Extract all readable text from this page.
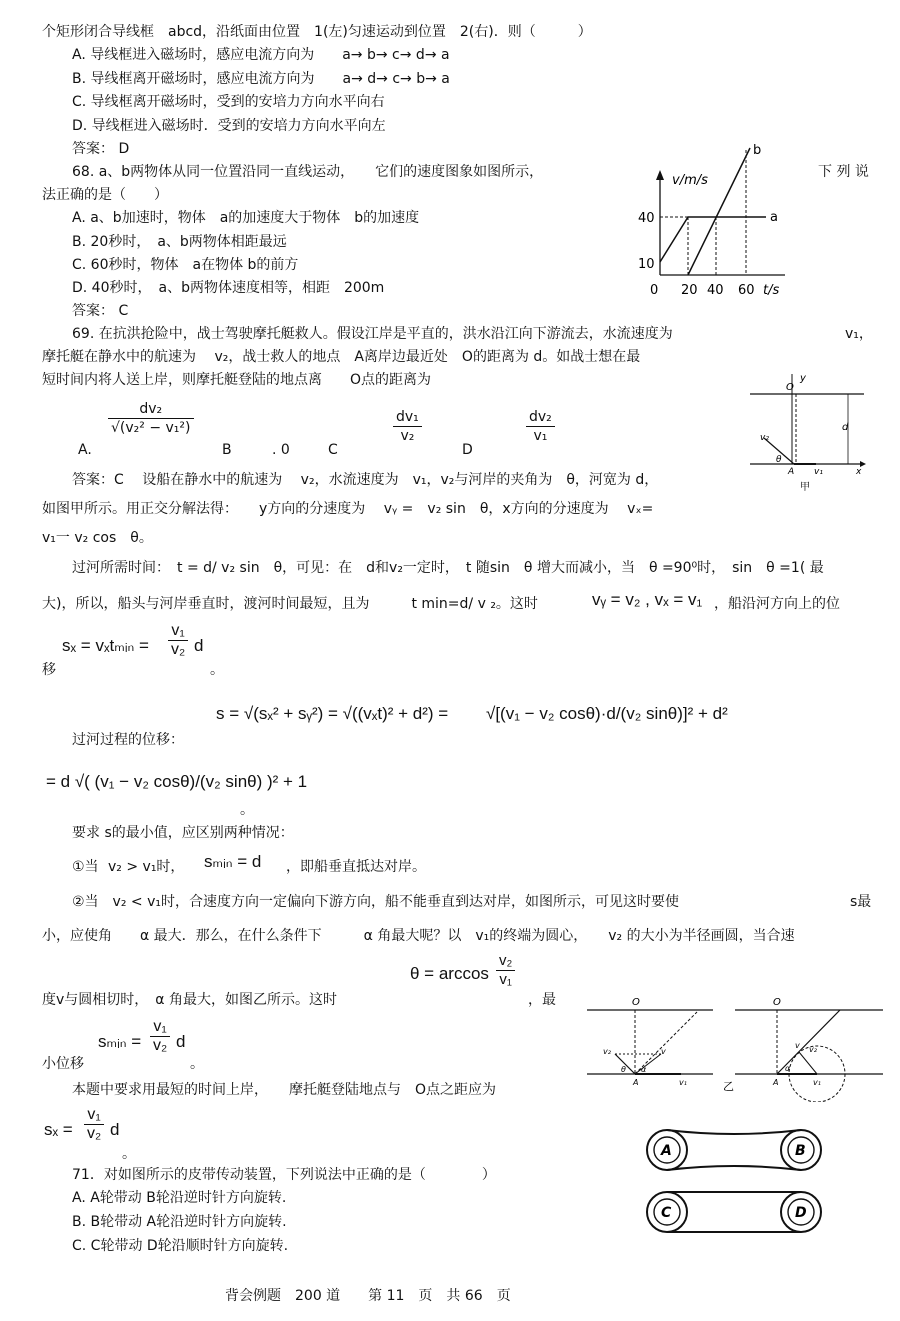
个矩形闭合导线框　abcd，沿纸面由位置　1(左)匀速运动到位置　2(右)．则（　　　）
A. 导线框进入磁场时，感应电流方向为　　a→ b→ c→ d→ a
B. 导线框离开磁场时，感应电流方向为　　a→ d→ c→ b→ a
C. 导线框离开磁场时，受到的安培力方向水平向右
D. 导线框进入磁场时．受到的安培力方向水平向左
答案： D
68. a、b两物体从同一位置沿同一直线运动，　　它们的速度图象如图所示，	下 列 说
法正确的是（　　）
A. a、b加速时，物体　a的加速度大于物体　b的加速度
B. 20秒时，　a、b两物体相距最远
C. 60秒时，物体　a在物体 b的前方
D. 40秒时，　a、b两物体速度相等，相距　200m
答案： C
v/m/s
t/s
40
10
0 20 40 60
a
b
69. 在抗洪抢险中，战士驾驶摩托艇救人。假设江岸是平直的，洪水沿江向下游流去，水流速度为	v₁，
摩托艇在静水中的航速为　 v₂，战士救人的地点　A离岸边最近处　O的距离为 d。如战士想在最
短时间内将人送上岸，则摩托艇登陆的地点离　　O点的距离为
A.
$\frac{\text{dv₂}}{\text{√(v₂² − v₁²)}}$
B	. 0	C
$\frac{\text{dv₁}}{\text{v₂}}$
D
$\frac{\text{dv₂}}{\text{v₁}}$
O
y
d
v₂
θ
A v₁	x
甲
答案：C　 设船在静水中的航速为　 v₂，水流速度为　v₁，v₂与河岸的夹角为　θ，河宽为 d，
如图甲所示。用正交分解法得：　　y方向的分速度为　 vᵧ =　v₂ sin　θ，x方向的分速度为　 vₓ=
v₁一 v₂ cos　θ。
过河所需时间：　t = d/ v₂ sin　θ，可见：在　d和v₂一定时，　t 随sin　θ 增大而减小，当　θ =90⁰时，　sin　θ =1( 最
大)，所以，船头与河岸垂直时，渡河时间最短，且为　　　t min=d/ v ₂。这时	vᵧ = v₂ , vₓ = v₁ ，船沿河方向上的位
sₓ = vₓtₘᵢₙ = $\frac{\text{v₁}}{\text{v₂}}$ d
移	。
s = √(sₓ² + sᵧ²) = √((vₓt)² + d²) = √[(v₁ − v₂ cosθ)·d/(v₂ sinθ)]² + d²
过河过程的位移：
= d √( (v₁ − v₂ cosθ)/(v₂ sinθ) )² + 1
。
要求 s的最小值，应区别两种情况：
①当 v₂ > v₁时， sₘᵢₙ = d ，即船垂直抵达对岸。
②当　v₂ < v₁时，合速度方向一定偏向下游方向，船不能垂直到达对岸，如图所示，可见这时要使	s最
小，应使角　　α 最大．那么，在什么条件下　　　α 角最大呢？以　v₁的终端为圆心，　　v₂ 的大小为半径画圆，当合速
$\theta = \arccos \frac{\text{v₂}}{\text{v₁}}$
度v与圆相切时，　α 角最大，如图乙所示。这时	，最
sₘᵢₙ = $\frac{\text{v₁}}{\text{v₂}}$ d
小位移	。
本题中要求用最短的时间上岸，　　摩托艇登陆地点与　O点之距应为
$s_x = \frac{\text{v₁}}{\text{v₂}}$ d
。
O
v₂	v
θ α
A	v₁	乙
O
v₂
v
α
A	v₁
71．对如图所示的皮带传动装置，下列说法中正确的是（　　　　）
A. A轮带动 B轮沿逆时针方向旋转.
B. B轮带动 A轮沿逆时针方向旋转.
C. C轮带动 D轮沿顺时针方向旋转.
A	B
C	D
背会例题　200 道　　第 11　页　共 66　页
